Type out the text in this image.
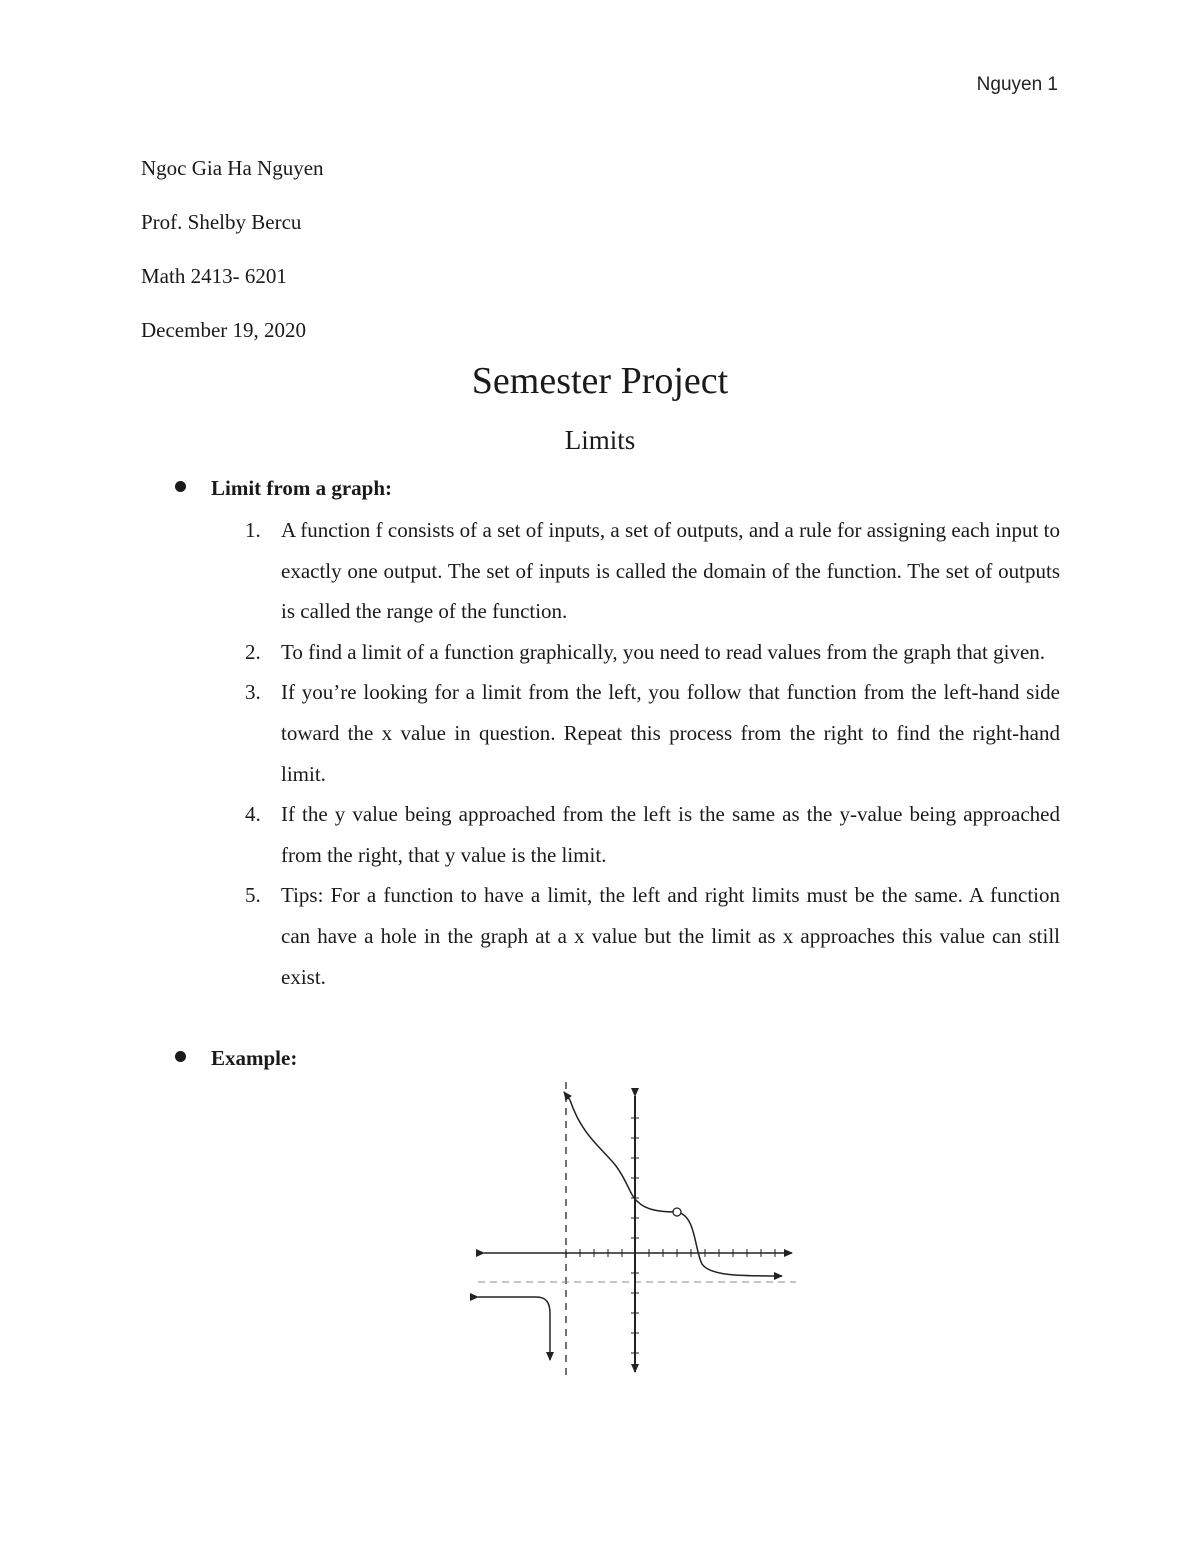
Nguyen 1
Ngoc Gia Ha Nguyen
Prof. Shelby Bercu
Math 2413- 6201
December 19, 2020
Semester Project
Limits
Limit from a graph:
1. A function f consists of a set of inputs, a set of outputs, and a rule for assigning each input to exactly one output. The set of inputs is called the domain of the function. The set of outputs is called the range of the function.
2. To find a limit of a function graphically, you need to read values from the graph that given.
3. If you’re looking for a limit from the left, you follow that function from the left-hand side toward the x value in question. Repeat this process from the right to find the right-hand limit.
4. If the y value being approached from the left is the same as the y-value being approached from the right, that y value is the limit.
5. Tips: For a function to have a limit, the left and right limits must be the same. A function can have a hole in the graph at a x value but the limit as x approaches this value can still exist.
Example:
